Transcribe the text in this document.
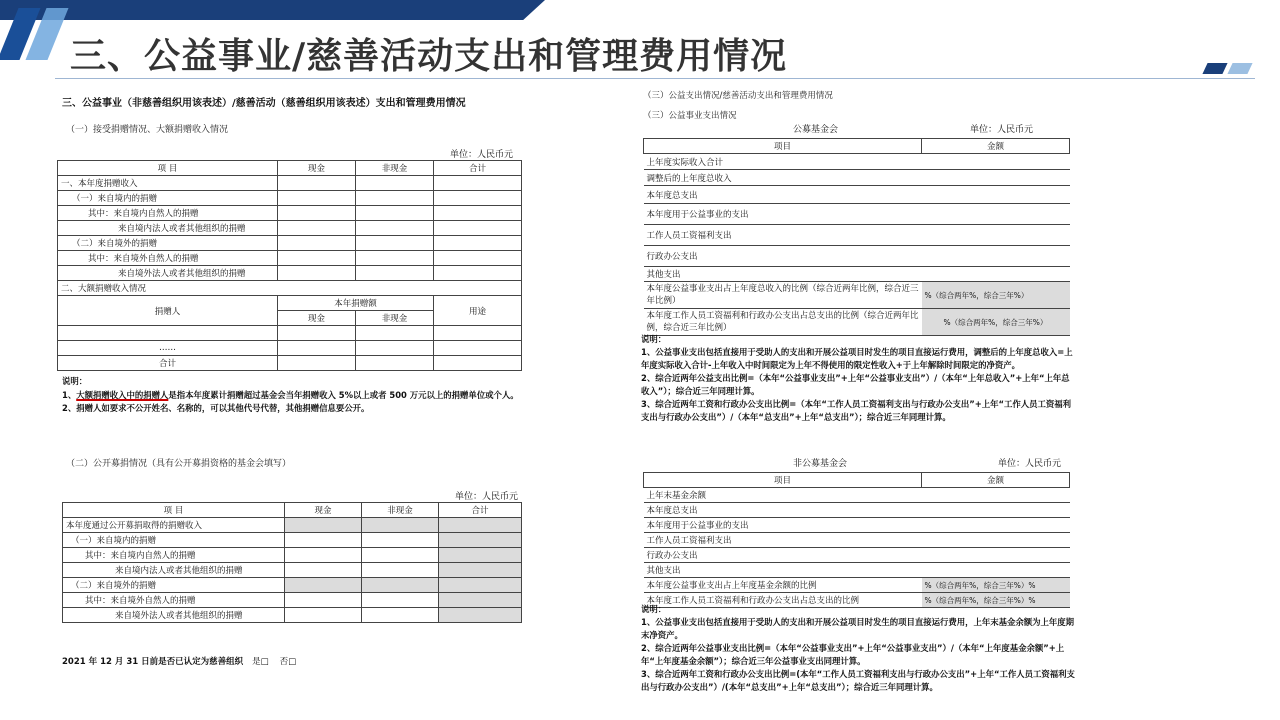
三、公益事业/慈善活动支出和管理费用情况
三、公益事业（非慈善组织用该表述）/慈善活动（慈善组织用该表述）支出和管理费用情况
（一）接受捐赠情况、大额捐赠收入情况
单位：人民币元
项 目	现金	非现金	合计
一、本年度捐赠收入			
（一）来自境内的捐赠			
其中：来自境内自然人的捐赠			
来自境内法人或者其他组织的捐赠			
（二）来自境外的捐赠			
其中：来自境外自然人的捐赠			
来自境外法人或者其他组织的捐赠			
二、大额捐赠收入情况			
捐赠人	本年捐赠额		用途
	现金	非现金	

……			
合计			
说明：
1、大额捐赠收入中的捐赠人是指本年度累计捐赠超过基金会当年捐赠收入 5%以上或者 500 万元以上的捐赠单位或个人。
2、捐赠人如要求不公开姓名、名称的，可以其他代号代替，其他捐赠信息要公开。
（二）公开募捐情况（具有公开募捐资格的基金会填写）
单位：人民币元
项 目	现金	非现金	合计
本年度通过公开募捐取得的捐赠收入			
（一）来自境内的捐赠			
其中：来自境内自然人的捐赠			
来自境内法人或者其他组织的捐赠			
（二）来自境外的捐赠			
其中：来自境外自然人的捐赠			
来自境外法人或者其他组织的捐赠			
2021 年 12 月 31 日前是否已认定为慈善组织 是□ 否□
（三）公益支出情况/慈善活动支出和管理费用情况
（三）公益事业支出情况
公募基金会	单位：人民币元
项目	金额
上年度实际收入合计	
调整后的上年度总收入	
本年度总支出	
本年度用于公益事业的支出	
工作人员工资福利支出	
行政办公支出	
其他支出	
本年度公益事业支出占上年度总收入的比例（综合近两年比例，综合近三年比例）	%（综合两年%，综合三年%）
本年度工作人员工资福利和行政办公支出占总支出的比例（综合近两年比例，综合近三年比例）	%（综合两年%，综合三年%）
说明：
1、公益事业支出包括直接用于受助人的支出和开展公益项目时发生的项目直接运行费用，调整后的上年度总收入=上年度实际收入合计-上年收入中时间限定为上年不得使用的限定性收入+于上年解除时间限定的净资产。
2、综合近两年公益支出比例=（本年“公益事业支出”+上年“公益事业支出”）/（本年“上年总收入”+上年“上年总收入”）；综合近三年同理计算。
3、综合近两年工资和行政办公支出比例=（本年“工作人员工资福利支出与行政办公支出”+上年“工作人员工资福利支出与行政办公支出”）/（本年“总支出”+上年“总支出”）；综合近三年同理计算。
非公募基金会	单位：人民币元
项目	金额
上年末基金余额	
本年度总支出	
本年度用于公益事业的支出	
工作人员工资福利支出	
行政办公支出	
其他支出	
本年度公益事业支出占上年度基金余额的比例	%（综合两年%，综合三年%）%
本年度工作人员工资福利和行政办公支出占总支出的比例	%（综合两年%，综合三年%）%
说明：
1、公益事业支出包括直接用于受助人的支出和开展公益项目时发生的项目直接运行费用，上年末基金余额为上年度期末净资产。
2、综合近两年公益事业支出比例=（本年“公益事业支出”+上年“公益事业支出”）/（本年“上年度基金余额”+上年“上年度基金余额”）；综合近三年公益事业支出同理计算。
3、综合近两年工资和行政办公支出比例=(本年“工作人员工资福利支出与行政办公支出”+上年“工作人员工资福利支出与行政办公支出”）/(本年“总支出”+上年“总支出”）；综合近三年同理计算。
